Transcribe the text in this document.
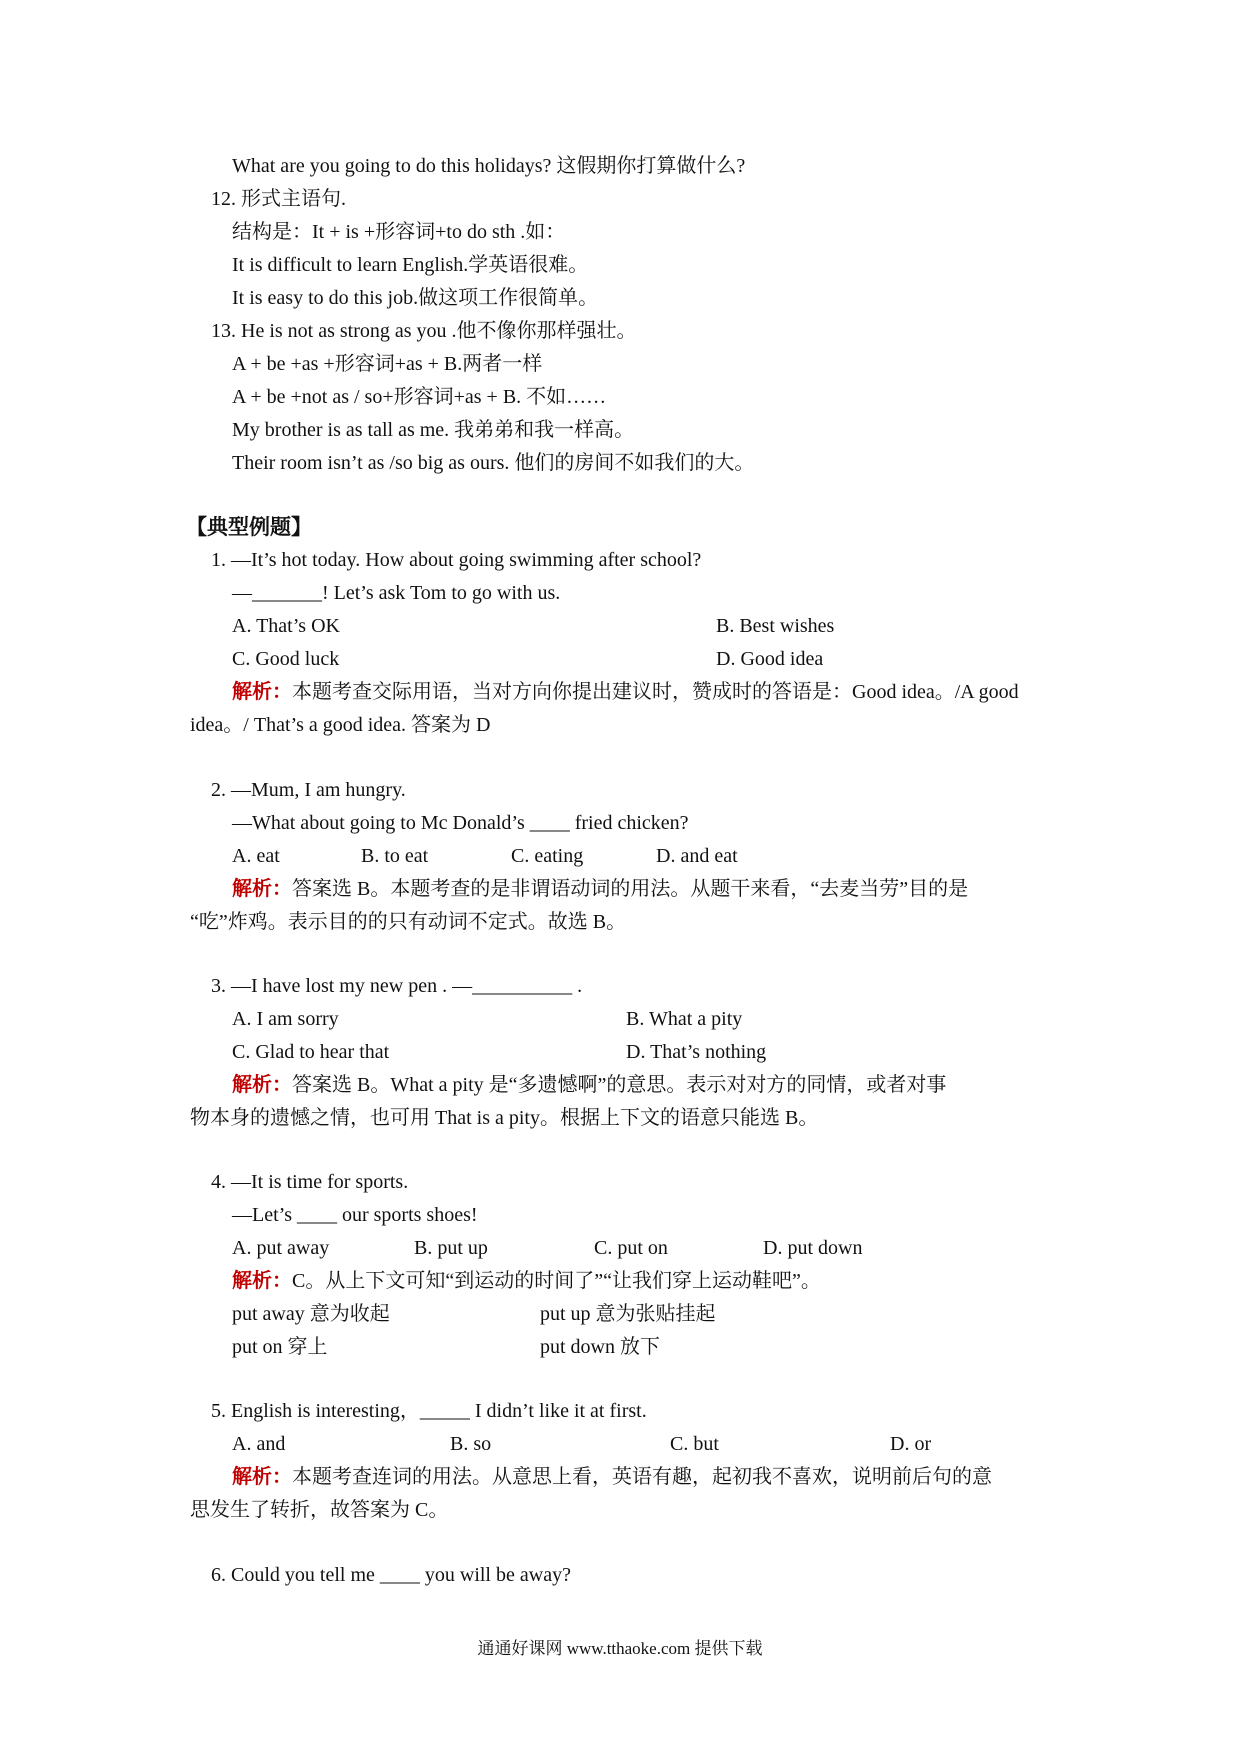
What are you going to do this holidays? 这假期你打算做什么?
12. 形式主语句.
结构是：It + is +形容词+to do sth .如：
It is difficult to learn English.学英语很难。
It is easy to do this job.做这项工作很简单。
13. He is not as strong as you .他不像你那样强壮。
A + be +as +形容词+as + B.两者一样
A + be +not as / so+形容词+as + B. 不如……
My brother is as tall as me. 我弟弟和我一样高。
Their room isn’t as /so big as ours. 他们的房间不如我们的大。
【典型例题】
1. —It’s hot today. How about going swimming after school?
—_______! Let’s ask Tom to go with us.
A. That’s OK	B. Best wishes
C. Good luck	D. Good idea
解析：本题考查交际用语，当对方向你提出建议时，赞成时的答语是：Good idea。/A good
idea。/ That’s a good idea. 答案为 D
2. —Mum, I am hungry.
—What about going to Mc Donald’s ____ fried chicken?
A. eat	B. to eat	C. eating	D. and eat
解析：答案选 B。本题考查的是非谓语动词的用法。从题干来看，“去麦当劳”目的是
“吃”炸鸡。表示目的的只有动词不定式。故选 B。
3. —I have lost my new pen . —__________ .
A. I am sorry	B. What a pity
C. Glad to hear that	D. That’s nothing
解析：答案选 B。What a pity 是“多遗憾啊”的意思。表示对对方的同情，或者对事
物本身的遗憾之情，也可用 That is a pity。根据上下文的语意只能选 B。
4. —It is time for sports.
—Let’s ____ our sports shoes!
A. put away	B. put up	C. put on	D. put down
解析：C。从上下文可知“到运动的时间了”“让我们穿上运动鞋吧”。
put away 意为收起	put up 意为张贴挂起
put on 穿上	put down 放下
5. English is interesting，_____ I didn’t like it at first.
A. and	B. so	C. but	D. or
解析：本题考查连词的用法。从意思上看，英语有趣，起初我不喜欢，说明前后句的意
思发生了转折，故答案为 C。
6. Could you tell me ____ you will be away?
通通好课网 www.tthaoke.com 提供下载
